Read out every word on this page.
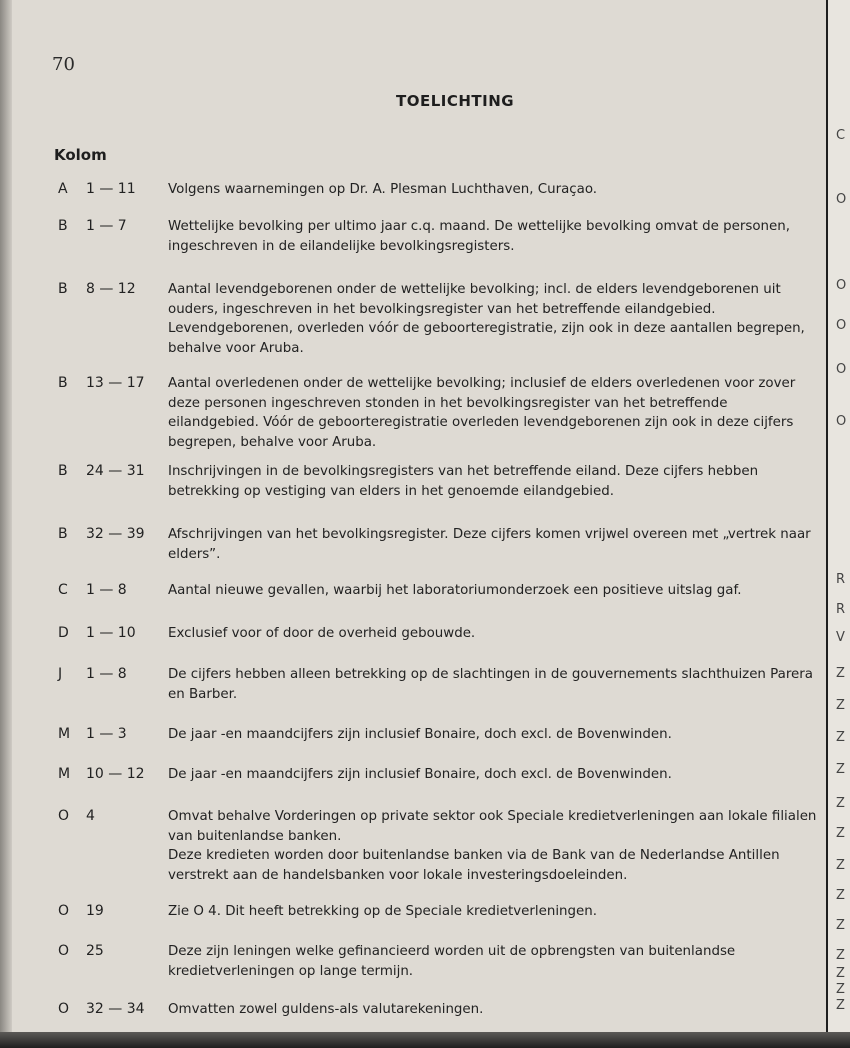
70
TOELICHTING
Kolom
A 1 — 11	Volgens waarnemingen op Dr. A. Plesman Luchthaven, Curaçao.
B 1 — 7	Wettelijke bevolking per ultimo jaar c.q. maand. De wettelijke bevolking omvat de personen, ingeschreven in de eilandelijke bevolkingsregisters.
B 8 — 12	Aantal levendgeborenen onder de wettelijke bevolking; incl. de elders levendgeborenen uit ouders, ingeschreven in het bevolkingsregister van het betreffende eilandgebied.
Levendgeborenen, overleden vóór de geboorteregistratie, zijn ook in deze aantallen begrepen, behalve voor Aruba.
B 13 — 17	Aantal overledenen onder de wettelijke bevolking; inclusief de elders overledenen voor zover deze personen ingeschreven stonden in het bevolkingsregister van het betreffende eilandgebied. Vóór de geboorteregistratie overleden levendgeborenen zijn ook in deze cijfers begrepen, behalve voor Aruba.
B 24 — 31	Inschrijvingen in de bevolkingsregisters van het betreffende eiland. Deze cijfers hebben betrekking op vestiging van elders in het genoemde eilandgebied.
B 32 — 39	Afschrijvingen van het bevolkingsregister. Deze cijfers komen vrijwel overeen met „vertrek naar elders”.
C 1 — 8	Aantal nieuwe gevallen, waarbij het laboratoriumonderzoek een positieve uitslag gaf.
D 1 — 10	Exclusief voor of door de overheid gebouwde.
J 1 — 8	De cijfers hebben alleen betrekking op de slachtingen in de gouvernements slachthuizen Parera en Barber.
M 1 — 3	De jaar -en maandcijfers zijn inclusief Bonaire, doch excl. de Bovenwinden.
M 10 — 12	De jaar -en maandcijfers zijn inclusief Bonaire, doch excl. de Bovenwinden.
O 4	Omvat behalve Vorderingen op private sektor ook Speciale kredietverleningen aan lokale filialen van buitenlandse banken.
Deze kredieten worden door buitenlandse banken via de Bank van de Nederlandse Antillen verstrekt aan de handelsbanken voor lokale investeringsdoeleinden.
O 19	Zie O 4. Dit heeft betrekking op de Speciale kredietverleningen.
O 25	Deze zijn leningen welke gefinancieerd worden uit de opbrengsten van buitenlandse kredietverleningen op lange termijn.
O 32 — 34	Omvatten zowel guldens-als valutarekeningen.
C
O
O
O
O
O
R
R
V
Z
Z
Z
Z
Z
Z
Z
Z
Z
Z
Z
Z
Z
